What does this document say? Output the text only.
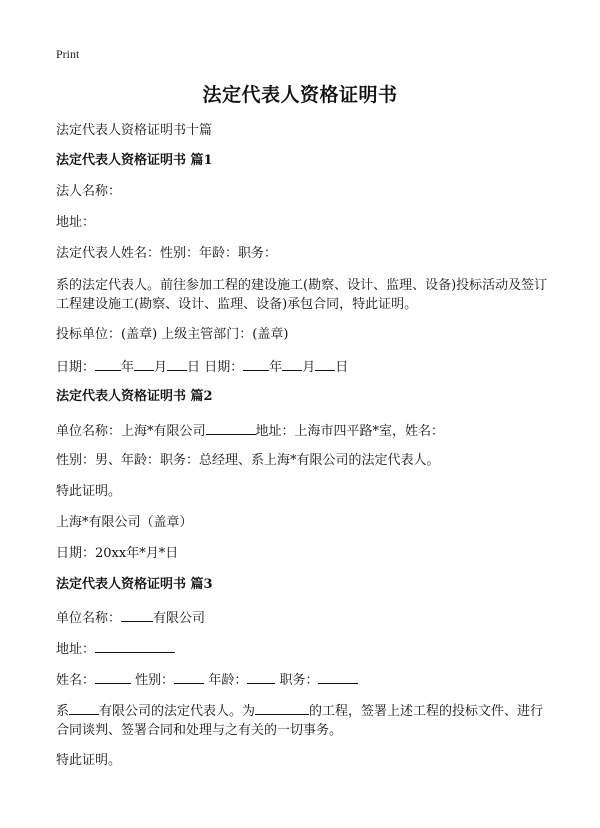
Print
法定代表人资格证明书
法定代表人资格证明书十篇
法定代表人资格证明书 篇1
法人名称：
地址：
法定代表人姓名：性别：年龄：职务：
系的法定代表人。前往参加工程的建设施工(勘察、设计、监理、设备)投标活动及签订工程建设施工(勘察、设计、监理、设备)承包合同，特此证明。
投标单位：(盖章) 上级主管部门：(盖章)
日期： 年 月 日 日期： 年 月 日
法定代表人资格证明书 篇2
单位名称：上海*有限公司	地址：上海市四平路*室，姓名：
性别：男、年龄：职务：总经理、系上海*有限公司的法定代表人。
特此证明。
上海*有限公司（盖章）
日期：20xx年*月*日
法定代表人资格证明书 篇3
单位名称： 有限公司
地址：
姓名：	性别：	年龄： 职务：
系 有限公司的法定代表人。为	的工程，签署上述工程的投标文件、进行合同谈判、签署合同和处理与之有关的一切事务。
特此证明。
